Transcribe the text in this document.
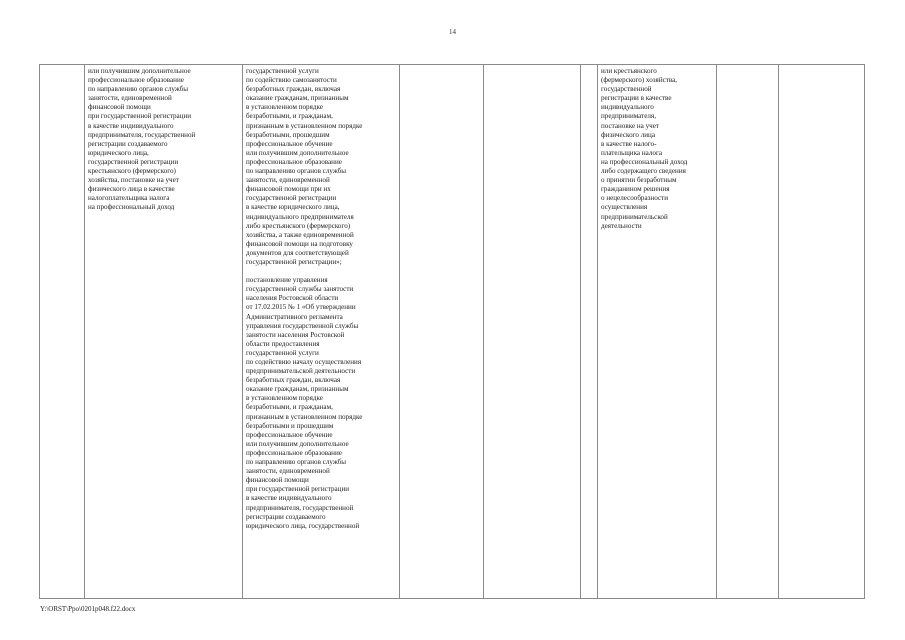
14
	или получившим дополнительное
профессиональное образование
по направлению органов службы
занятости, единовременной
финансовой помощи
при государственной регистрации
в качестве индивидуального
предпринимателя, государственной
регистрации создаваемого
юридического лица,
государственной регистрации
крестьянского (фермерского)
хозяйства, постановке на учет
физического лица в качестве
налогоплательщика налога
на профессиональный доход	государственной услуги
по содействию самозанятости
безработных граждан, включая
оказание гражданам, признанным
в установленном порядке
безработными, и гражданам,
признанным в установленном порядке
безработными, прошедшим
профессиональное обучение
или получившим дополнительное
профессиональное образование
по направлению органов службы
занятости, единовременной
финансовой помощи при их
государственной регистрации
в качестве юридического лица,
индивидуального предпринимателя
либо крестьянского (фермерского)
хозяйства, а также единовременной
финансовой помощи на подготовку
документов для соответствующей
государственной регистрации»;

постановление управления
государственной службы занятости
населения Ростовской области
от 17.02.2015 № 1 «Об утверждении
Административного регламента
управления государственной службы
занятости населения Ростовской
области предоставления
государственной услуги
по содействию началу осуществления
предпринимательской деятельности
безработных граждан, включая
оказание гражданам, признанным
в установленном порядке
безработными, и гражданам,
признанным в установленном порядке
безработными и прошедшим
профессиональное обучение
или получившим дополнительное
профессиональное образование
по направлению органов службы
занятости, единовременной
финансовой помощи
при государственной регистрации
в качестве индивидуального
предпринимателя, государственной
регистрации создаваемого
юридического лица, государственной				или крестьянского
(фермерского) хозяйства,
государственной
регистрации в качестве
индивидуального
предпринимателя,
постановке на учет
физического лица
в качестве налого-
плательщика налога
на профессиональный доход
либо содержащего сведения
о принятии безработным
гражданином решения
о нецелесообразности
осуществления
предпринимательской
деятельности		
Y:\ORST\Ppo\0201p048.f22.docx
